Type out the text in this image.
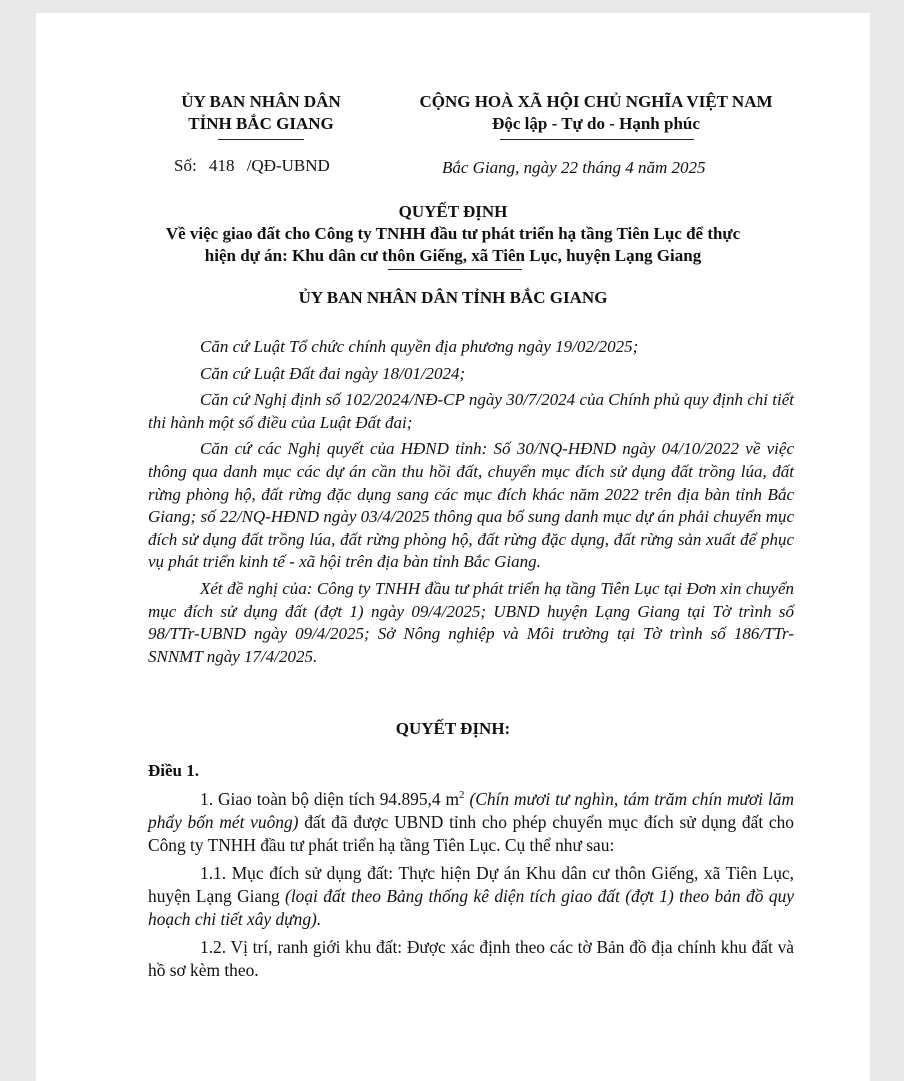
ỦY BAN NHÂN DÂN
TỈNH BẮC GIANG
CỘNG HOÀ XÃ HỘI CHỦ NGHĨA VIỆT NAM
Độc lập - Tự do - Hạnh phúc
Số: 418 /QĐ-UBND	Bắc Giang, ngày 22 tháng 4 năm 2025
QUYẾT ĐỊNH
Về việc giao đất cho Công ty TNHH đầu tư phát triển hạ tầng Tiên Lục để thực
hiện dự án: Khu dân cư thôn Giếng, xã Tiên Lục, huyện Lạng Giang
ỦY BAN NHÂN DÂN TỈNH BẮC GIANG

Căn cứ Luật Tổ chức chính quyền địa phương ngày 19/02/2025;

Căn cứ Luật Đất đai ngày 18/01/2024;

Căn cứ Nghị định số 102/2024/NĐ-CP ngày 30/7/2024 của Chính phủ quy định chi tiết thi hành một số điều của Luật Đất đai;

Căn cứ các Nghị quyết của HĐND tỉnh: Số 30/NQ-HĐND ngày 04/10/2022 về việc thông qua danh mục các dự án cần thu hồi đất, chuyển mục đích sử dụng đất trồng lúa, đất rừng phòng hộ, đất rừng đặc dụng sang các mục đích khác năm 2022 trên địa bàn tỉnh Bắc Giang; số 22/NQ-HĐND ngày 03/4/2025 thông qua bổ sung danh mục dự án phải chuyển mục đích sử dụng đất trồng lúa, đất rừng phòng hộ, đất rừng đặc dụng, đất rừng sản xuất để phục vụ phát triển kinh tế - xã hội trên địa bàn tỉnh Bắc Giang.

Xét đề nghị của: Công ty TNHH đầu tư phát triển hạ tầng Tiên Lục tại Đơn xin chuyển mục đích sử dụng đất (đợt 1) ngày 09/4/2025; UBND huyện Lạng Giang tại Tờ trình số 98/TTr-UBND ngày 09/4/2025; Sở Nông nghiệp và Môi trường tại Tờ trình số 186/TTr-SNNMT ngày 17/4/2025.

QUYẾT ĐỊNH:
Điều 1.

1. Giao toàn bộ diện tích 94.895,4 $m^2$ (Chín mươi tư nghìn, tám trăm chín mươi lăm phẩy bốn mét vuông) đất đã được UBND tỉnh cho phép chuyển mục đích sử dụng đất cho Công ty TNHH đầu tư phát triển hạ tầng Tiên Lục. Cụ thể như sau:

1.1. Mục đích sử dụng đất: Thực hiện Dự án Khu dân cư thôn Giếng, xã Tiên Lục, huyện Lạng Giang (loại đất theo Bảng thống kê diện tích giao đất (đợt 1) theo bản đồ quy hoạch chi tiết xây dựng).

1.2. Vị trí, ranh giới khu đất: Được xác định theo các tờ Bản đồ địa chính khu đất và hồ sơ kèm theo.
